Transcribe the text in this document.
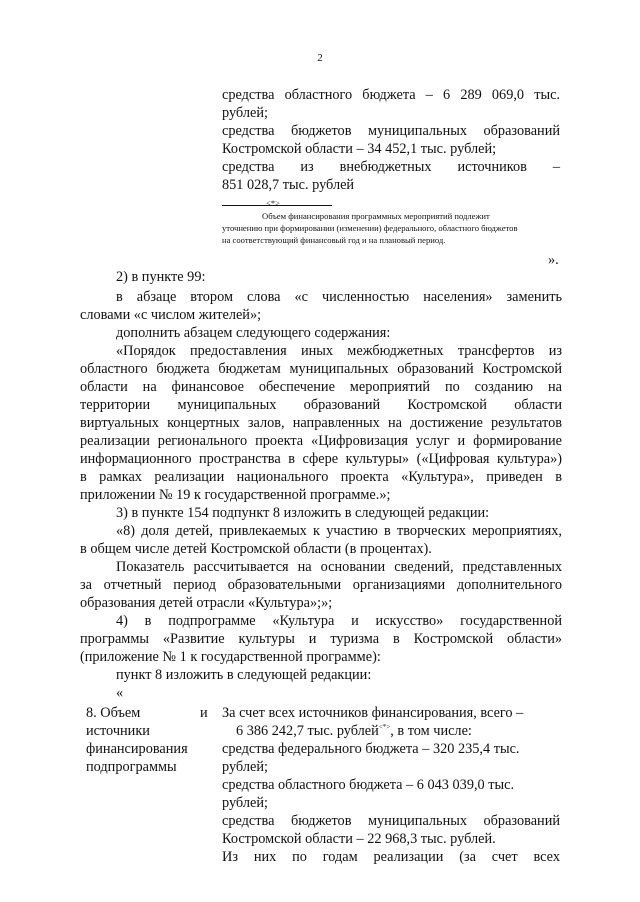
2
средства областного бюджета – 6 289 069,0 тыс.
рублей;
средства бюджетов муниципальных образований
Костромской области – 34 452,1 тыс. рублей;
средства из внебюджетных источников –
851 028,7 тыс. рублей
<*>
Объем финансирования программных мероприятий подлежит
уточнению при формировании (изменении) федерального, областного бюджетов
на соответствующий финансовый год и на плановый период.
».
2) в пункте 99:
в абзаце втором слова «с численностью населения» заменить
словами «с числом жителей»;
дополнить абзацем следующего содержания:
«Порядок предоставления иных межбюджетных трансфертов из
областного бюджета бюджетам муниципальных образований Костромской
области на финансовое обеспечение мероприятий по созданию на
территории муниципальных образований Костромской области
виртуальных концертных залов, направленных на достижение результатов
реализации регионального проекта «Цифровизация услуг и формирование
информационного пространства в сфере культуры» («Цифровая культура»)
в рамках реализации национального проекта «Культура», приведен в
приложении № 19 к государственной программе.»;
3) в пункте 154 подпункт 8 изложить в следующей редакции:
«8) доля детей, привлекаемых к участию в творческих мероприятиях,
в общем числе детей Костромской области (в процентах).
Показатель рассчитывается на основании сведений, представленных
за отчетный период образовательными организациями дополнительного
образования детей отрасли «Культура»;»;
4) в подпрограмме «Культура и искусство» государственной
программы «Развитие культуры и туризма в Костромской области»
(приложение № 1 к государственной программе):
пункт 8 изложить в следующей редакции:
«
8. Объем	и
источники
финансирования
подпрограммы
За счет всех источников финансирования, всего –
6 386 242,7 тыс. рублей<*>, в том числе:
средства федерального бюджета – 320 235,4 тыс.
рублей;
средства областного бюджета – 6 043 039,0 тыс.
рублей;
средства бюджетов муниципальных образований
Костромской области – 22 968,3 тыс. рублей.
Из них по годам реализации (за счет всех
